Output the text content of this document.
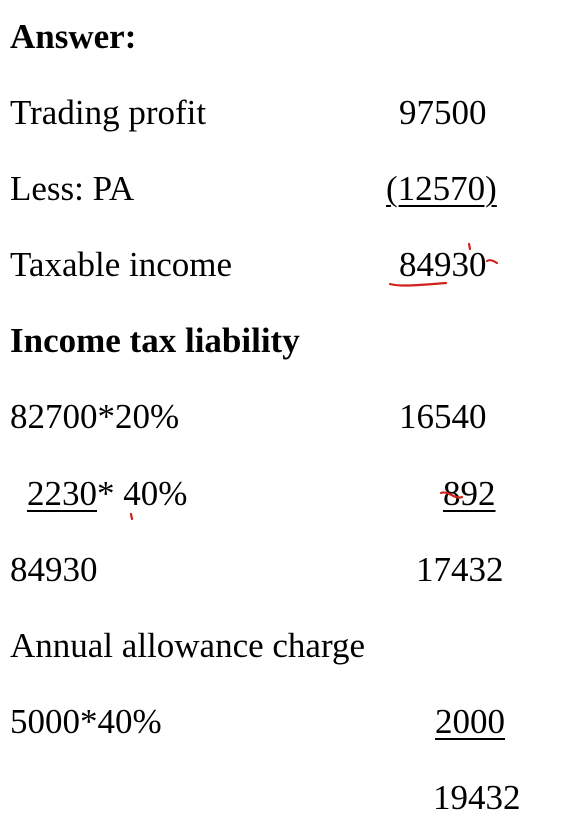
Answer:
Trading profit	97500
Less: PA	(12570)
Taxable income	84930
Income tax liability
82700*20%	16540
2230* 40%	892
84930	17432
Annual allowance charge
5000*40%	2000
19432
